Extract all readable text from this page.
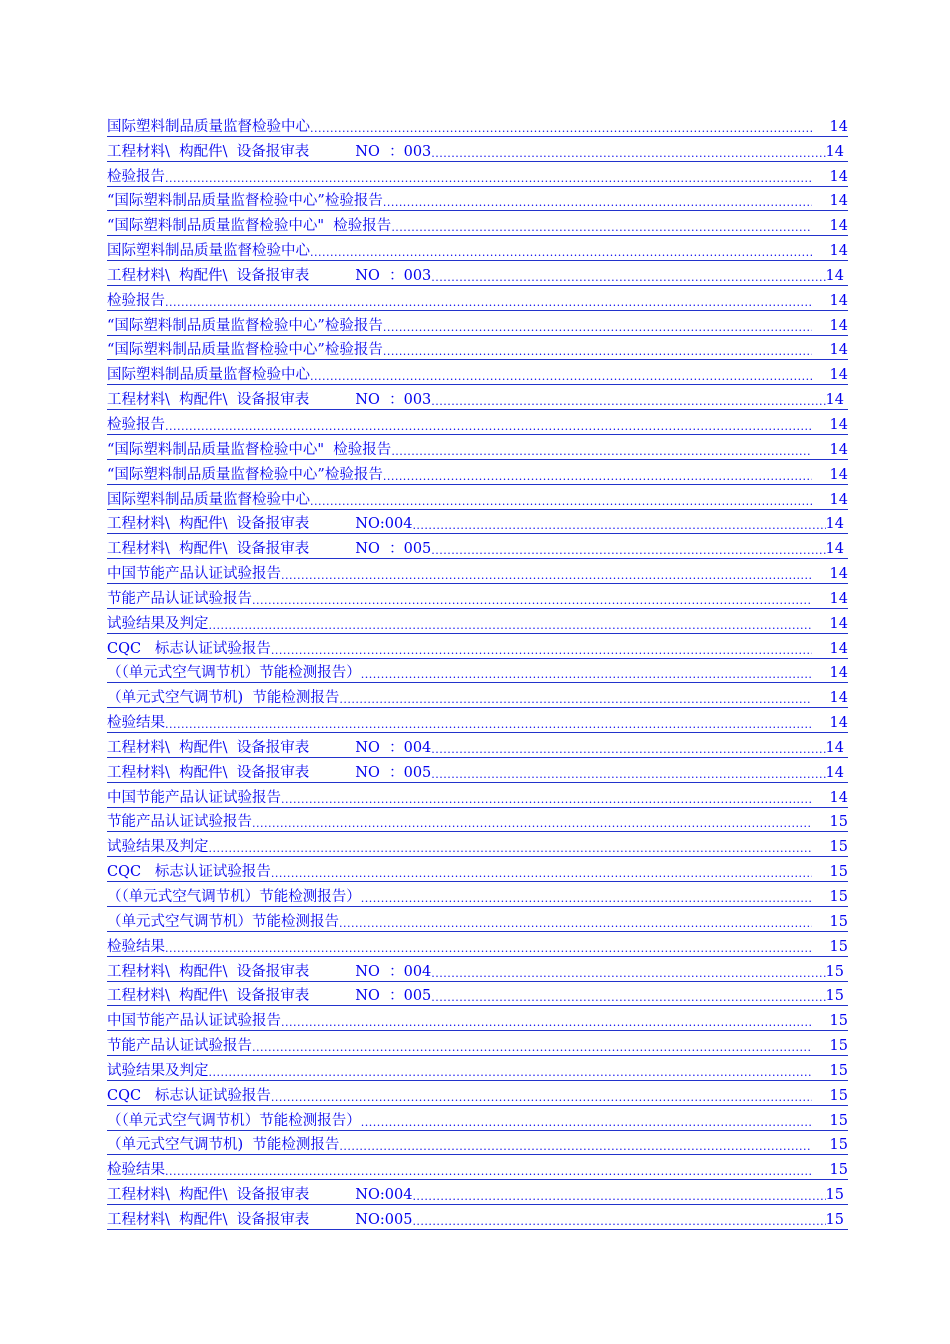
国际塑料制品质量监督检验中心 .....	14
工程材料\  构配件\  设备报审表          NO  ：003 .....	14
检验报告 .....	14
“国际塑料制品质量监督检验中心”检验报告 .....	14
“国际塑料制品质量监督检验中心"  检验报告 .....	14
国际塑料制品质量监督检验中心 .....	14
工程材料\  构配件\  设备报审表          NO  ：003 .....	14
检验报告 .....	14
“国际塑料制品质量监督检验中心”检验报告 .....	14
“国际塑料制品质量监督检验中心”检验报告 .....	14
国际塑料制品质量监督检验中心 .....	14
工程材料\  构配件\  设备报审表          NO  ：003 .....	14
检验报告 .....	14
“国际塑料制品质量监督检验中心"  检验报告 .....	14
“国际塑料制品质量监督检验中心”检验报告 .....	14
国际塑料制品质量监督检验中心 .....	14
工程材料\  构配件\  设备报审表          NO:004 .....	14
工程材料\  构配件\  设备报审表          NO  ：005 .....	14
中国节能产品认证试验报告 .....	14
节能产品认证试验报告 .....	14
试验结果及判定 .....	14
CQC   标志认证试验报告 .....	14
（（单元式空气调节机）节能检测报告） .....	14
（单元式空气调节机)  节能检测报告 .....	14
检验结果 .....	14
工程材料\  构配件\  设备报审表          NO  ：004 .....	14
工程材料\  构配件\  设备报审表          NO  ：005 .....	14
中国节能产品认证试验报告 .....	14
节能产品认证试验报告 .....	15
试验结果及判定 .....	15
CQC   标志认证试验报告 .....	15
（（单元式空气调节机）节能检测报告） .....	15
（单元式空气调节机）节能检测报告 .....	15
检验结果 .....	15
工程材料\  构配件\  设备报审表          NO  ：004 .....	15
工程材料\  构配件\  设备报审表          NO  ：005 .....	15
中国节能产品认证试验报告 .....	15
节能产品认证试验报告 .....	15
试验结果及判定 .....	15
CQC   标志认证试验报告 .....	15
（（单元式空气调节机）节能检测报告） .....	15
（单元式空气调节机)  节能检测报告 .....	15
检验结果 .....	15
工程材料\  构配件\  设备报审表          NO:004 .....	15
工程材料\  构配件\  设备报审表          NO:005 .....	15
